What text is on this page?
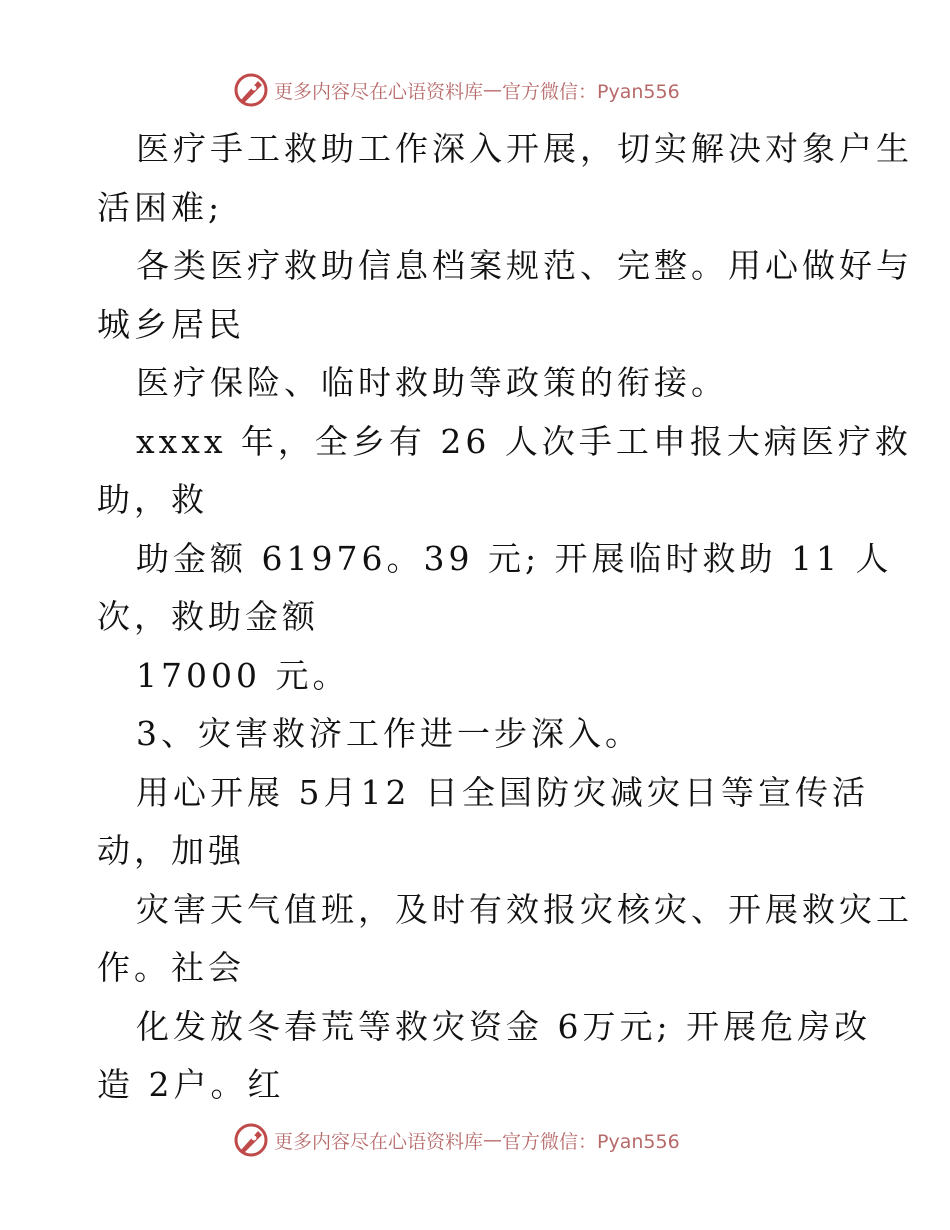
更多内容尽在心语资料库 — 官方微信：Pyan556
医疗手工救助工作深入开展，切实解决对象户生
活困难;
各类医疗救助信息档案规范、完整。用心做好与
城乡居民
医疗保险、临时救助等政策的衔接。
xxxx 年，全乡有 26 人次手工申报大病医疗救
助，救
助金额 61976。39 元; 开展临时救助 11 人
次，救助金额
17000 元。
3、灾害救济工作进一步深入。
用心开展 5月12 日全国防灾减灾日等宣传活
动，加强
灾害天气值班，及时有效报灾核灾、开展救灾工
作。社会
化发放冬春荒等救灾资金 6万元; 开展危房改
造 2户。红
更多内容尽在心语资料库 — 官方微信：Pyan556
